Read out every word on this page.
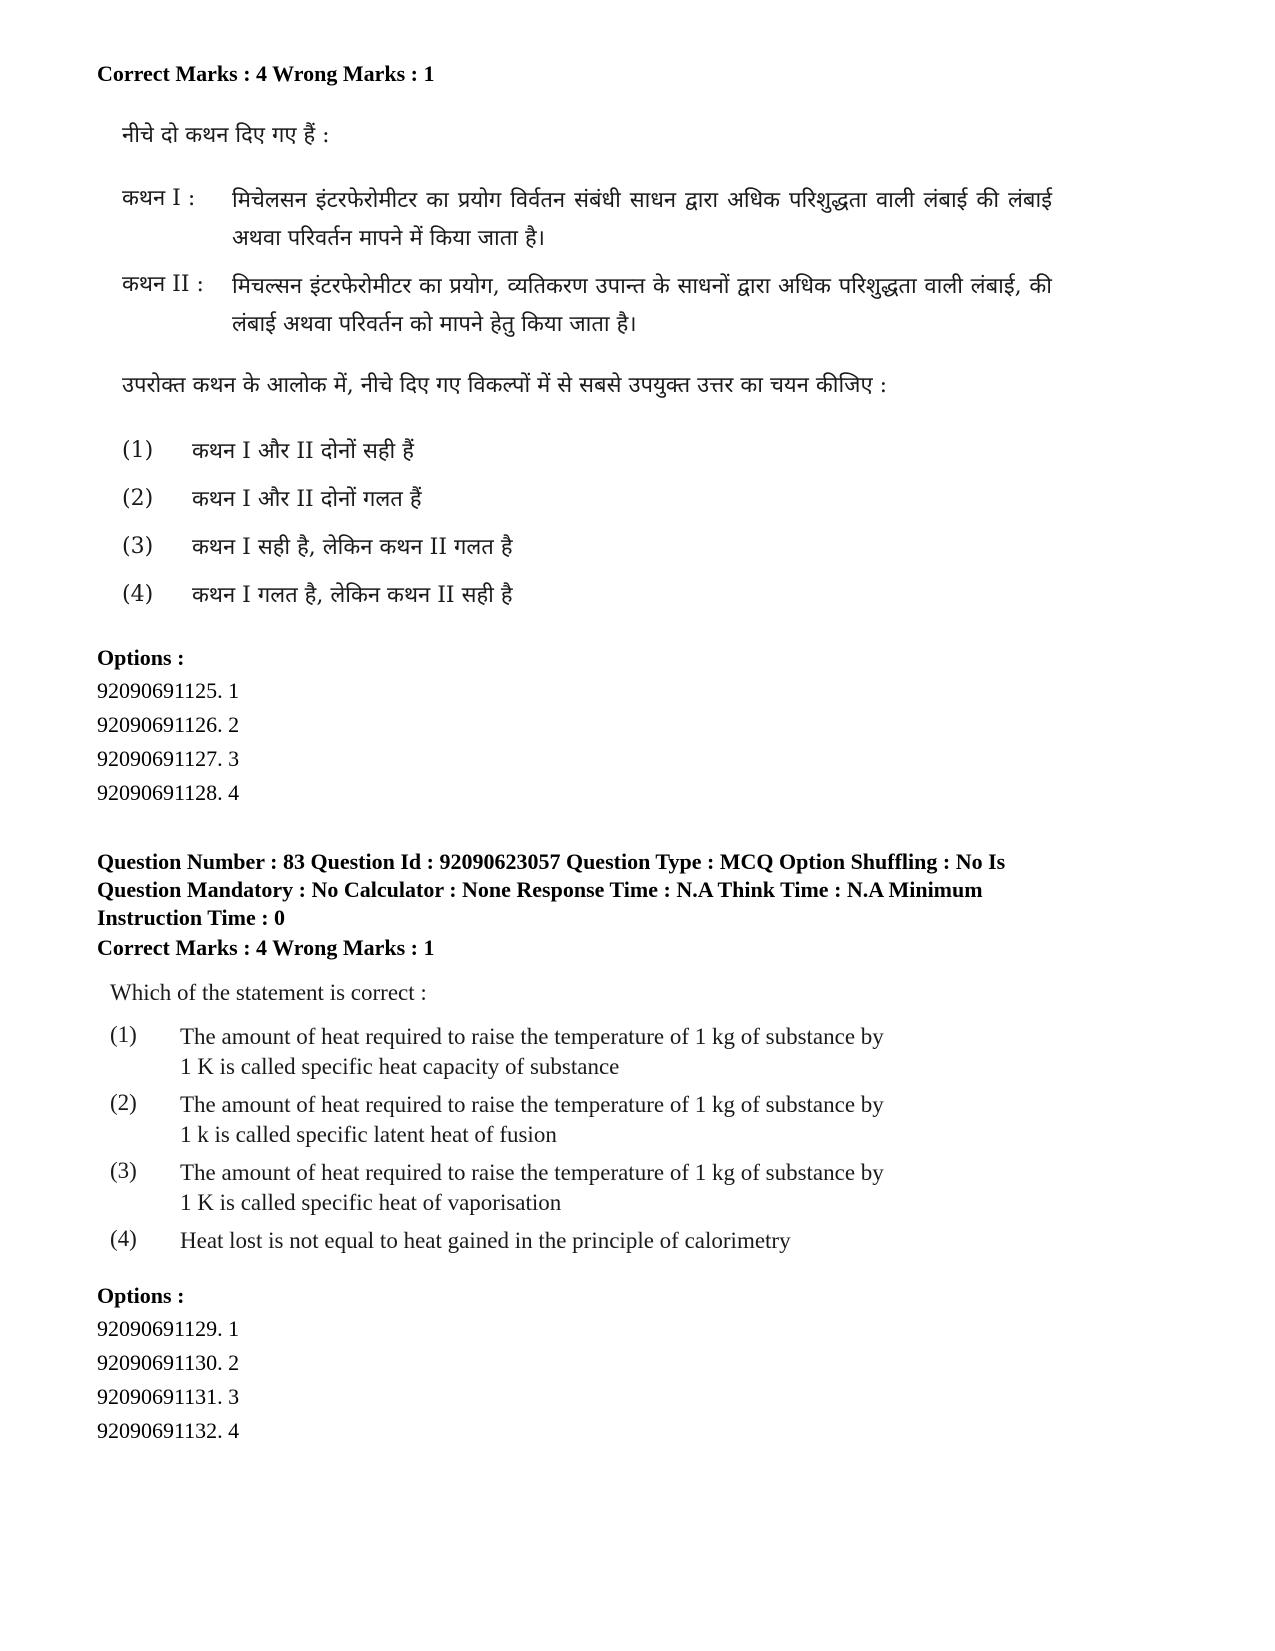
Correct Marks : 4 Wrong Marks : 1
नीचे दो कथन दिए गए हैं :
कथन I :	मिचेलसन इंटरफेरोमीटर का प्रयोग विर्वतन संबंधी साधन द्वारा अधिक परिशुद्धता वाली लंबाई की लंबाई अथवा परिवर्तन मापने में किया जाता है।
कथन II :	मिचल्सन इंटरफेरोमीटर का प्रयोग, व्यतिकरण उपान्त के साधनों द्वारा अधिक परिशुद्धता वाली लंबाई, की लंबाई अथवा परिवर्तन को मापने हेतु किया जाता है।
उपरोक्त कथन के आलोक में, नीचे दिए गए विकल्पों में से सबसे उपयुक्त उत्तर का चयन कीजिए :
(1)	कथन I और II दोनों सही हैं
(2)	कथन I और II दोनों गलत हैं
(3)	कथन I सही है, लेकिन कथन II गलत है
(4)	कथन I गलत है, लेकिन कथन II सही है
Options :
92090691125. 1
92090691126. 2
92090691127. 3
92090691128. 4
Question Number : 83 Question Id : 92090623057 Question Type : MCQ Option Shuffling : No Is
Question Mandatory : No Calculator : None Response Time : N.A Think Time : N.A Minimum
Instruction Time : 0
Correct Marks : 4 Wrong Marks : 1
Which of the statement is correct :
(1)	The amount of heat required to raise the temperature of 1 kg of substance by
1 K is called specific heat capacity of substance
(2)	The amount of heat required to raise the temperature of 1 kg of substance by
1 k is called specific latent heat of fusion
(3)	The amount of heat required to raise the temperature of 1 kg of substance by
1 K is called specific heat of vaporisation
(4)	Heat lost is not equal to heat gained in the principle of calorimetry
Options :
92090691129. 1
92090691130. 2
92090691131. 3
92090691132. 4
